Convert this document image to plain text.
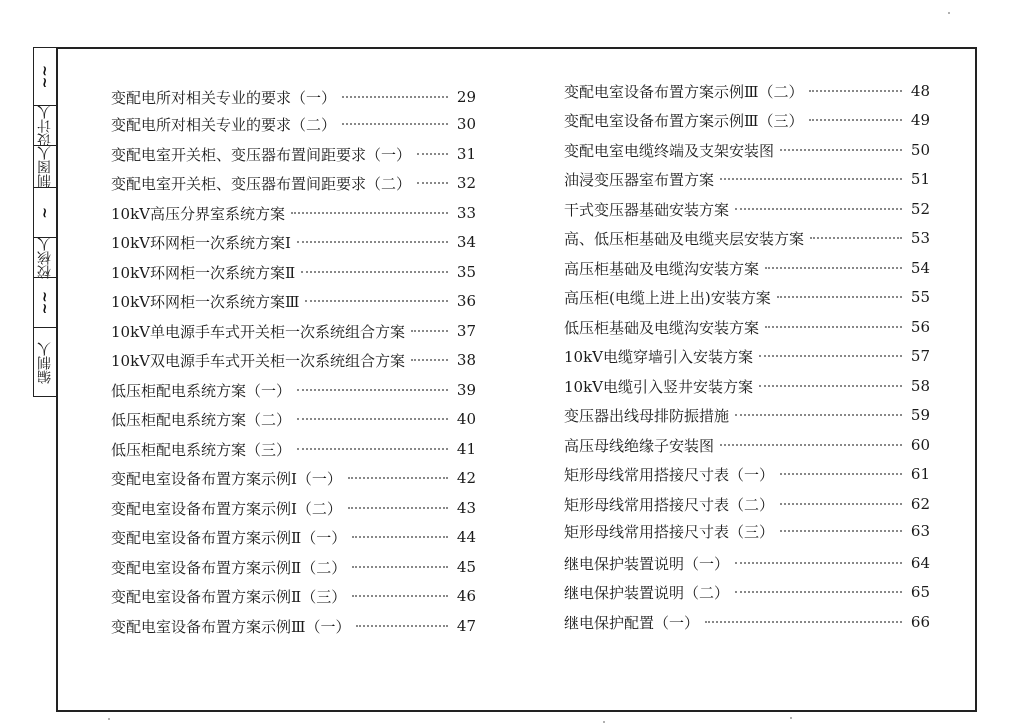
~~
设计人
制图人
~
校核人
~~
编制人
变配电所对相关专业的要求（一）	29
变配电所对相关专业的要求（二）	30
变配电室开关柜、变压器布置间距要求（一）	31
变配电室开关柜、变压器布置间距要求（二）	32
10kV高压分界室系统方案	33
10kV环网柜一次系统方案Ⅰ	34
10kV环网柜一次系统方案Ⅱ	35
10kV环网柜一次系统方案Ⅲ	36
10kV单电源手车式开关柜一次系统组合方案	37
10kV双电源手车式开关柜一次系统组合方案	38
低压柜配电系统方案（一）	39
低压柜配电系统方案（二）	40
低压柜配电系统方案（三）	41
变配电室设备布置方案示例Ⅰ（一）	42
变配电室设备布置方案示例Ⅰ（二）	43
变配电室设备布置方案示例Ⅱ（一）	44
变配电室设备布置方案示例Ⅱ（二）	45
变配电室设备布置方案示例Ⅱ（三）	46
变配电室设备布置方案示例Ⅲ（一）	47
变配电室设备布置方案示例Ⅲ（二）	48
变配电室设备布置方案示例Ⅲ（三）	49
变配电室电缆终端及支架安装图	50
油浸变压器室布置方案	51
干式变压器基础安装方案	52
高、低压柜基础及电缆夹层安装方案	53
高压柜基础及电缆沟安装方案	54
高压柜(电缆上进上出)安装方案	55
低压柜基础及电缆沟安装方案	56
10kV电缆穿墙引入安装方案	57
10kV电缆引入竖井安装方案	58
变压器出线母排防振措施	59
高压母线绝缘子安装图	60
矩形母线常用搭接尺寸表（一）	61
矩形母线常用搭接尺寸表（二）	62
矩形母线常用搭接尺寸表（三）	63
继电保护装置说明（一）	64
继电保护装置说明（二）	65
继电保护配置（一）	66
